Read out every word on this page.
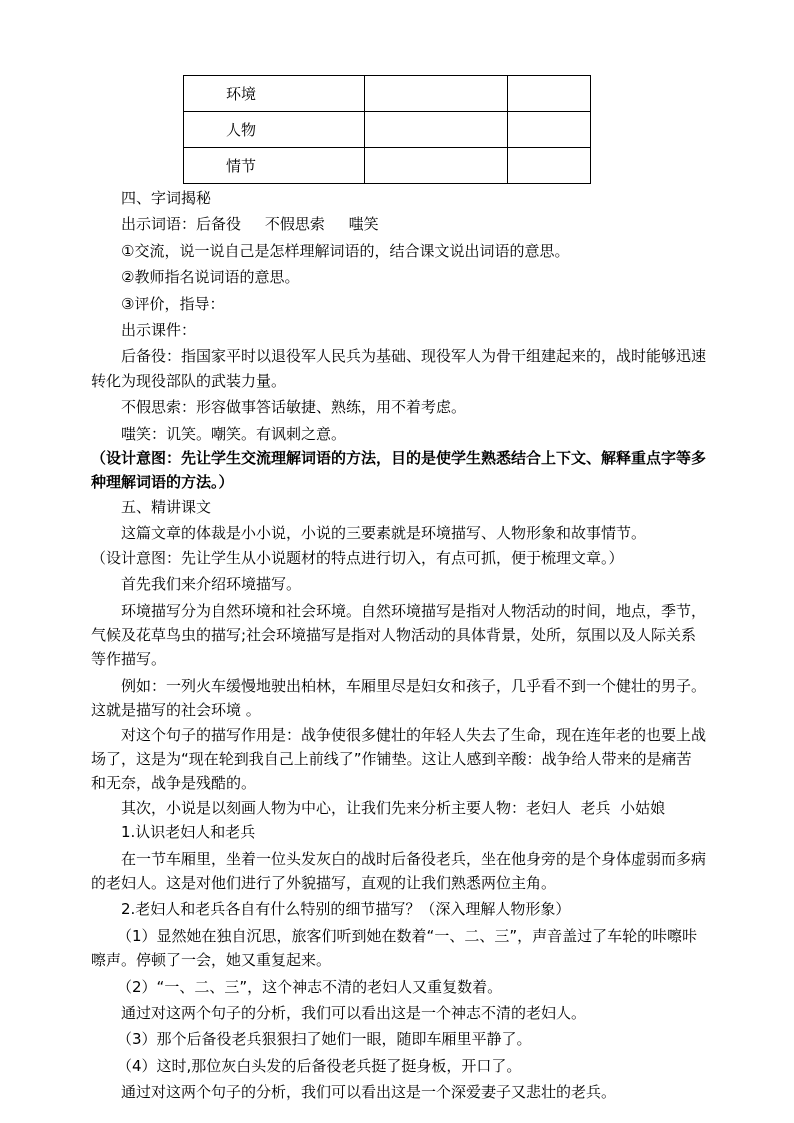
环境		
人物		
情节		

四、字词揭秘

出示词语：后备役     不假思索     嗤笑

①交流，说一说自己是怎样理解词语的，结合课文说出词语的意思。

②教师指名说词语的意思。

③评价，指导：

出示课件：

后备役：指国家平时以退役军人民兵为基础、现役军人为骨干组建起来的，战时能够迅速转化为现役部队的武装力量。

不假思索：形容做事答话敏捷、熟练，用不着考虑。

嗤笑：讥笑。嘲笑。有讽刺之意。

（设计意图：先让学生交流理解词语的方法，目的是使学生熟悉结合上下文、解释重点字等多种理解词语的方法。）

五、精讲课文

这篇文章的体裁是小小说，小说的三要素就是环境描写、人物形象和故事情节。

（设计意图：先让学生从小说题材的特点进行切入，有点可抓，便于梳理文章。）

首先我们来介绍环境描写。

环境描写分为自然环境和社会环境。自然环境描写是指对人物活动的时间，地点，季节，气候及花草鸟虫的描写;社会环境描写是指对人物活动的具体背景，处所，氛围以及人际关系等作描写。

例如：一列火车缓慢地驶出柏林，车厢里尽是妇女和孩子，几乎看不到一个健壮的男子。这就是描写的社会环境 。

对这个句子的描写作用是：战争使很多健壮的年轻人失去了生命，现在连年老的也要上战场了，这是为“现在轮到我自己上前线了”作铺垫。这让人感到辛酸：战争给人带来的是痛苦和无奈，战争是残酷的。

其次，小说是以刻画人物为中心，让我们先来分析主要人物：老妇人  老兵  小姑娘

1.认识老妇人和老兵

在一节车厢里，坐着一位头发灰白的战时后备役老兵，坐在他身旁的是个身体虚弱而多病的老妇人。这是对他们进行了外貌描写，直观的让我们熟悉两位主角。

2.老妇人和老兵各自有什么特别的细节描写？（深入理解人物形象）

（1）显然她在独自沉思，旅客们听到她在数着“一、二、三”，声音盖过了车轮的咔嚓咔嚓声。停顿了一会，她又重复起来。

（2）“一、二、三”，这个神志不清的老妇人又重复数着。

通过对这两个句子的分析，我们可以看出这是一个神志不清的老妇人。

（3）那个后备役老兵狠狠扫了她们一眼，随即车厢里平静了。

（4）这时,那位灰白头发的后备役老兵挺了挺身板，开口了。

通过对这两个句子的分析，我们可以看出这是一个深爱妻子又悲壮的老兵。
